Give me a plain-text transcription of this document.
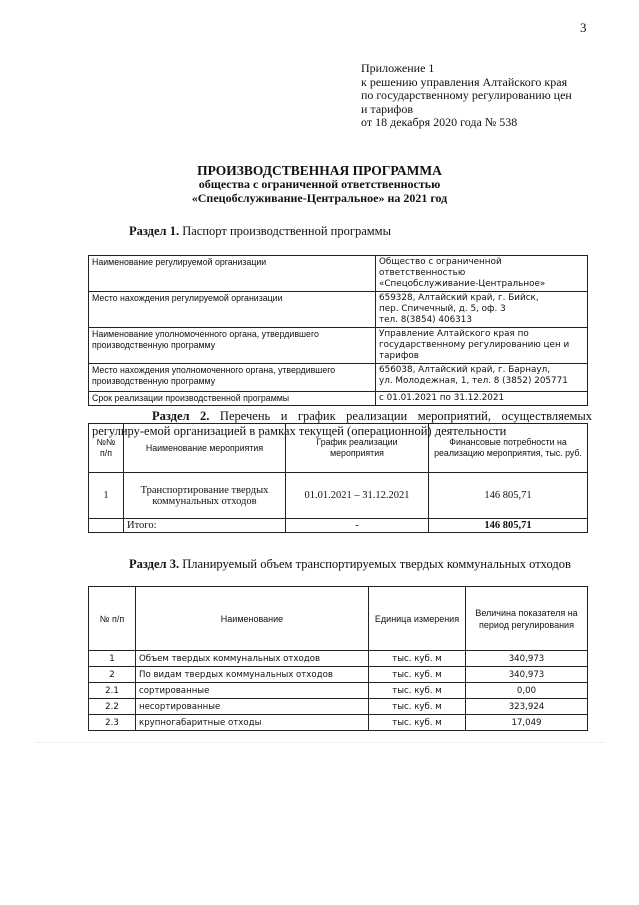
3
Приложение 1
к решению управления Алтайского края
по государственному регулированию цен
и тарифов
от 18 декабря 2020 года № 538
ПРОИЗВОДСТВЕННАЯ ПРОГРАММА
общества с ограниченной ответственностью
«Спецобслуживание-Центральное» на 2021 год
Раздел 1. Паспорт производственной программы
Наименование регулируемой организации	Общество с ограниченной ответственностью
«Спецобслуживание-Центральное»

Место нахождения регулируемой организации	659328, Алтайский край, г. Бийск,
пер. Спичечный, д. 5, оф. 3
тел. 8(3854) 406313

Наименование уполномоченного органа, утвердившего производственную программу	Управление Алтайского края по
государственному регулированию цен и
тарифов

Место нахождения уполномоченного органа, утвердившего производственную программу	656038, Алтайский край, г. Барнаул,
ул. Молодежная, 1, тел. 8 (3852) 205771

Срок реализации производственной программы	с 01.01.2021 по 31.12.2021
Раздел 2. Перечень и график реализации мероприятий, осуществляемых регулиру-емой организацией в рамках текущей (операционной) деятельности
№№ п/п	Наименование мероприятия	График реализации мероприятия	Финансовые потребности на реализацию мероприятия, тыс. руб.
1	Транспортирование твердых коммунальных отходов	01.01.2021 – 31.12.2021	146 805,71
	Итого:	-	146 805,71
Раздел 3. Планируемый объем транспортируемых твердых коммунальных отходов
№ п/п	Наименование	Единица измерения	Величина показателя на период регулирования
1	Объем твердых коммунальных отходов	тыс. куб. м	340,973
2	По видам твердых коммунальных отходов	тыс. куб. м	340,973
2.1	сортированные	тыс. куб. м	0,00
2.2	несортированные	тыс. куб. м	323,924
2.3	крупногабаритные отходы	тыс. куб. м	17,049
